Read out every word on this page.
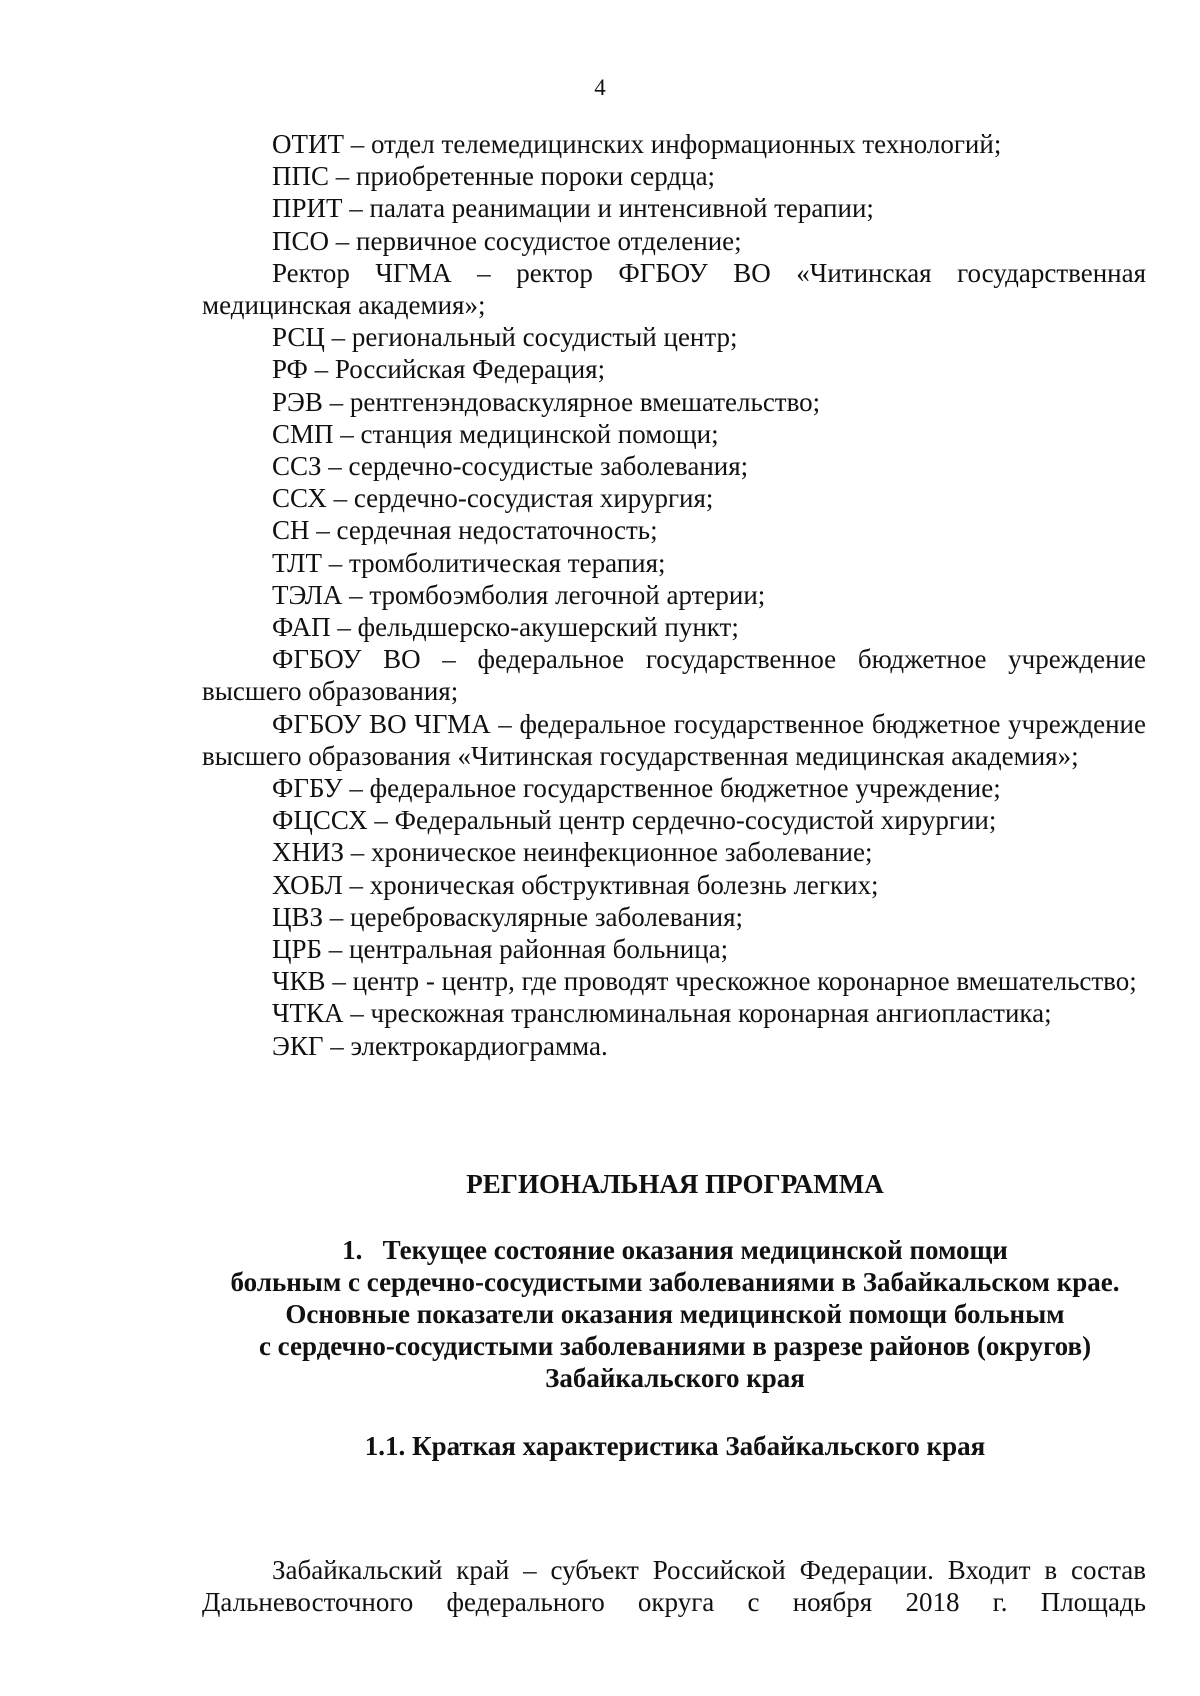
4

ОТИТ – отдел телемедицинских информационных технологий;

ППС – приобретенные пороки сердца;

ПРИТ – палата реанимации и интенсивной терапии;

ПСО – первичное сосудистое отделение;

Ректор ЧГМА – ректор ФГБОУ ВО «Читинская государственная медицинская академия»;

РСЦ – региональный сосудистый центр;

РФ – Российская Федерация;

РЭВ – рентгенэндоваскулярное вмешательство;

СМП – станция медицинской помощи;

ССЗ – сердечно-сосудистые заболевания;

ССХ – сердечно-сосудистая хирургия;

СН – сердечная недостаточность;

ТЛТ – тромболитическая терапия;

ТЭЛА – тромбоэмболия легочной артерии;

ФАП – фельдшерско-акушерский пункт;

ФГБОУ ВО – федеральное государственное бюджетное учреждение высшего образования;

ФГБОУ ВО ЧГМА – федеральное государственное бюджетное учреждение высшего образования «Читинская государственная медицинская академия»;

ФГБУ – федеральное государственное бюджетное учреждение;

ФЦССХ – Федеральный центр сердечно-сосудистой хирургии;

ХНИЗ – хроническое неинфекционное заболевание;

ХОБЛ – хроническая обструктивная болезнь легких;

ЦВЗ – цереброваскулярные заболевания;

ЦРБ – центральная районная больница;

ЧКВ – центр - центр, где проводят чрескожное коронарное вмешательство;

ЧТКА – чрескожная транслюминальная коронарная ангиопластика;

ЭКГ – электрокардиограмма.

РЕГИОНАЛЬНАЯ ПРОГРАММА
1.   Текущее состояние оказания медицинской помощи
больным с сердечно-сосудистыми заболеваниями в Забайкальском крае.
Основные показатели оказания медицинской помощи больным
с сердечно-сосудистыми заболеваниями в разрезе районов (округов)
Забайкальского края
1.1. Краткая характеристика Забайкальского края

Забайкальский край – субъект Российской Федерации. Входит в состав Дальневосточного федерального округа с ноября 2018 г. Площадь
